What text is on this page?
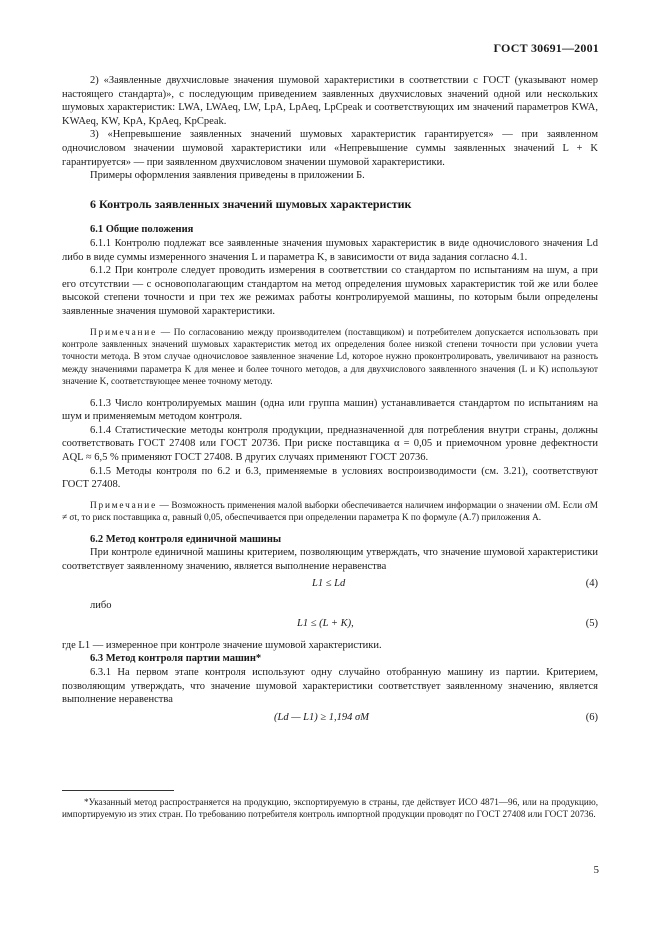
ГОСТ 30691—2001

2) «Заявленные двухчисловые значения шумовой характеристики в соответствии с ГОСТ (указывают номер настоящего стандарта)», с последующим приведением заявленных двухчисловых значений одной или нескольких шумовых характеристик: LWA, LWAeq, LW, LpA, LpAeq, LpCpeak и соответствующих им значений параметров KWA, KWAeq, KW, KpA, KpAeq, KpCpeak.

3) «Непревышение заявленных значений шумовых характеристик гарантируется» — при заявленном одночисловом значении шумовой характеристики или «Непревышение суммы заявленных значений L + K гарантируется» — при заявленном двухчисловом значении шумовой характеристики.

Примеры оформления заявления приведены в приложении Б.

6 Контроль заявленных значений шумовых характеристик

6.1 Общие положения

6.1.1 Контролю подлежат все заявленные значения шумовых характеристик в виде одночислового значения Ld либо в виде суммы измеренного значения L и параметра K, в зависимости от вида задания согласно 4.1.

6.1.2 При контроле следует проводить измерения в соответствии со стандартом по испытаниям на шум, а при его отсутствии — с основополагающим стандартом на метод определения шумовых характеристик той же или более высокой степени точности и при тех же режимах работы контролируемой машины, по которым были определены заявленные значения шумовой характеристики.

Примечание — По согласованию между производителем (поставщиком) и потребителем допускается использовать при контроле заявленных значений шумовых характеристик метод их определения более низкой степени точности при условии учета точности метода. В этом случае одночисловое заявленное значение Ld, которое нужно проконтролировать, увеличивают на разность между значениями параметра K для менее и более точного методов, а для двухчислового заявленного значения (L и K) используют значение K, соответствующее менее точному методу.

6.1.3 Число контролируемых машин (одна или группа машин) устанавливается стандартом по испытаниям на шум и применяемым методом контроля.

6.1.4 Статистические методы контроля продукции, предназначенной для потребления внутри страны, должны соответствовать ГОСТ 27408 или ГОСТ 20736. При риске поставщика α = 0,05 и приемочном уровне дефектности AQL ≈ 6,5 % применяют ГОСТ 27408. В других случаях применяют ГОСТ 20736.

6.1.5 Методы контроля по 6.2 и 6.3, применяемые в условиях воспроизводимости (см. 3.21), соответствуют ГОСТ 27408.

Примечание — Возможность применения малой выборки обеспечивается наличием информации о значении σM. Если σM ≠ σt, то риск поставщика α, равный 0,05, обеспечивается при определении параметра K по формуле (А.7) приложения А.

6.2 Метод контроля единичной машины

При контроле единичной машины критерием, позволяющим утверждать, что значение шумовой характеристики соответствует заявленному значению, является выполнение неравенства

L1 ≤ Ld	(4)

либо

L1 ≤ (L + K),	(5)

где L1 — измеренное при контроле значение шумовой характеристики.

6.3 Метод контроля партии машин*

6.3.1 На первом этапе контроля используют одну случайно отобранную машину из партии. Критерием, позволяющим утверждать, что значение шумовой характеристики соответствует заявленному значению, является выполнение неравенства

(Ld — L1) ≥ 1,194 σM	(6)

*Указанный метод распространяется на продукцию, экспортируемую в страны, где действует ИСО 4871—96, или на продукцию, импортируемую из этих стран. По требованию потребителя контроль импортной продукции проводят по ГОСТ 27408 или ГОСТ 20736.

5
